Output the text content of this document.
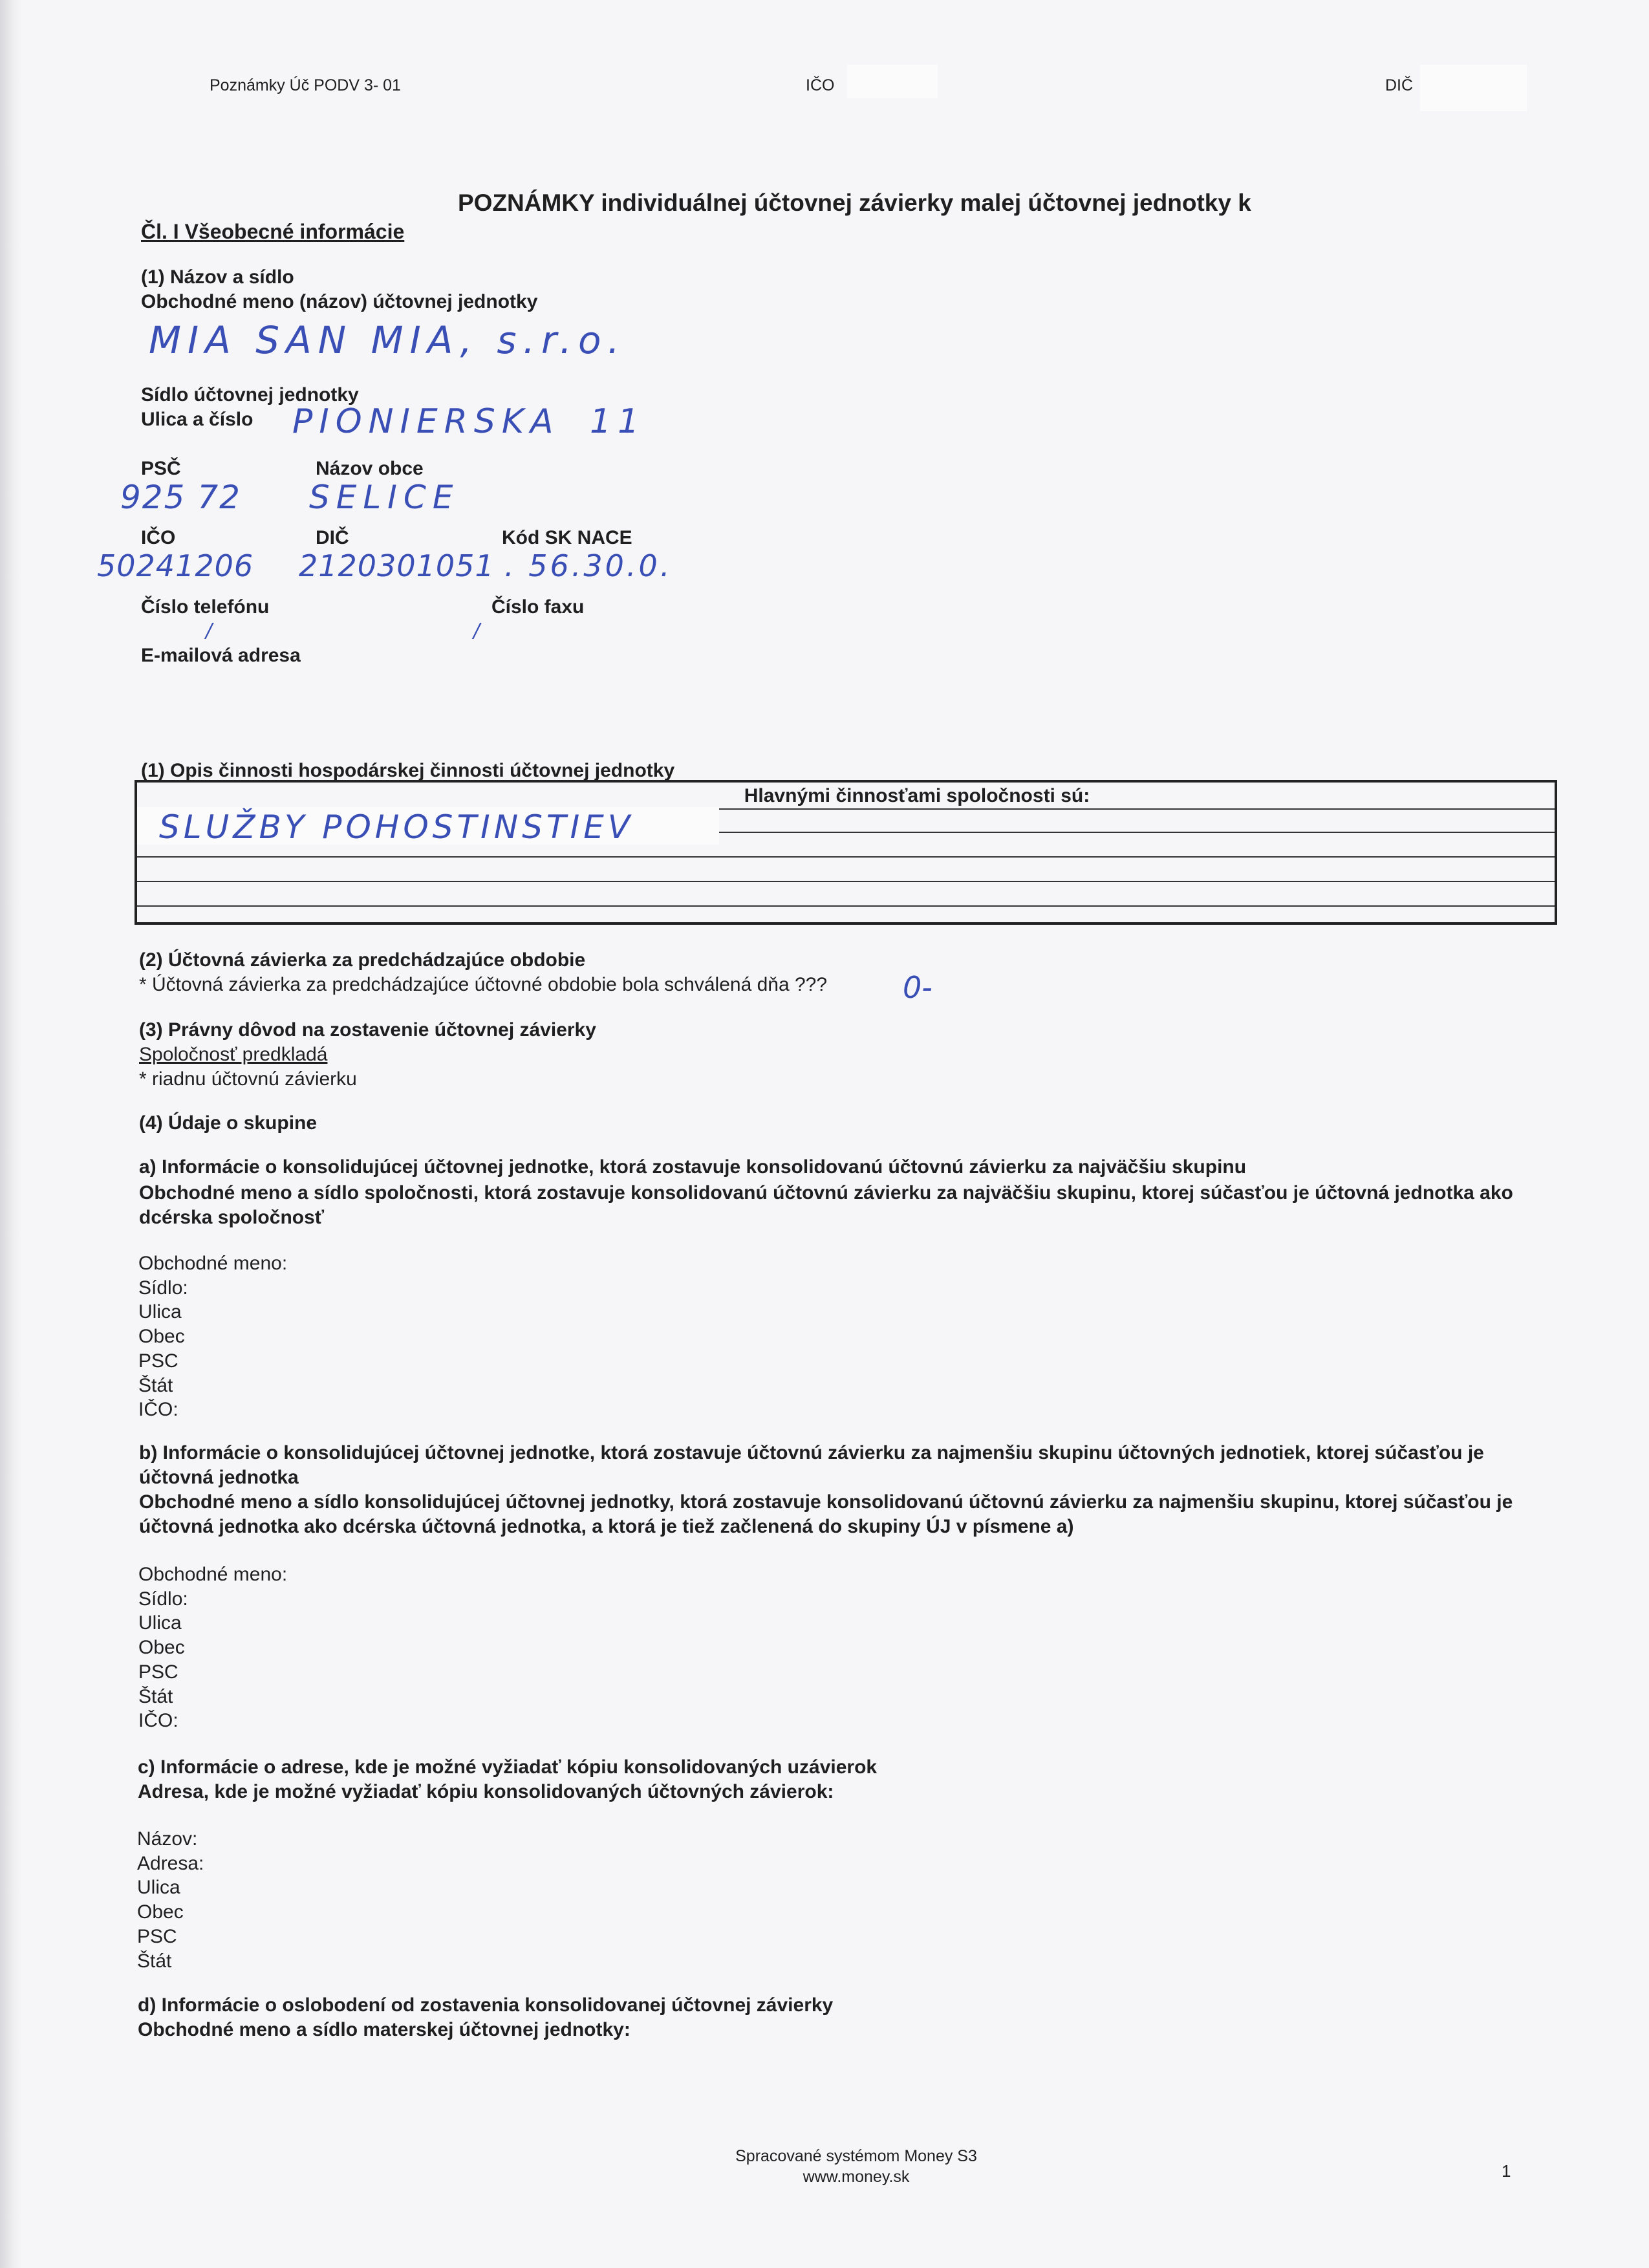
Poznámky Úč PODV 3- 01	IČO	DIČ
POZNÁMKY individuálnej účtovnej závierky malej účtovnej jednotky k
Čl. I Všeobecné informácie
(1) Názov a sídlo
Obchodné meno (názov) účtovnej jednotky
MIA SAN MIA, s.r.o.
Sídlo účtovnej jednotky
Ulica a číslo PIONIERSKA 11
PSČ	Názov obce
925 72 SELICE
IČO	DIČ	Kód SK NACE
50241206 2120301051 . 56.30.0.
Číslo telefónu	Číslo faxu
/	/
E-mailová adresa
(1) Opis činnosti hospodárskej činnosti účtovnej jednotky
Hlavnými činnosťami spoločnosti sú:
SLUŽBY POHOSTINSTIEV
(2) Účtovná závierka za predchádzajúce obdobie
* Účtovná závierka za predchádzajúce účtovné obdobie bola schválená dňa ???	0-
(3) Právny dôvod na zostavenie účtovnej závierky
Spoločnosť predkladá
* riadnu účtovnú závierku
(4) Údaje o skupine
a) Informácie o konsolidujúcej účtovnej jednotke, ktorá zostavuje konsolidovanú účtovnú závierku za najväčšiu skupinu
Obchodné meno a sídlo spoločnosti, ktorá zostavuje konsolidovanú účtovnú závierku za najväčšiu skupinu, ktorej súčasťou je účtovná jednotka ako dcérska spoločnosť
Obchodné meno:
Sídlo:
Ulica
Obec
PSC
Štát
IČO:
b) Informácie o konsolidujúcej účtovnej jednotke, ktorá zostavuje účtovnú závierku za najmenšiu skupinu účtovných jednotiek, ktorej súčasťou je účtovná jednotka
Obchodné meno a sídlo konsolidujúcej účtovnej jednotky, ktorá zostavuje konsolidovanú účtovnú závierku za najmenšiu skupinu, ktorej súčasťou je účtovná jednotka ako dcérska účtovná jednotka, a ktorá je tiež začlenená do skupiny ÚJ v písmene a)
Obchodné meno:
Sídlo:
Ulica
Obec
PSC
Štát
IČO:
c) Informácie o adrese, kde je možné vyžiadať kópiu konsolidovaných uzávierok
Adresa, kde je možné vyžiadať kópiu konsolidovaných účtovných závierok:
Názov:
Adresa:
Ulica
Obec
PSC
Štát
d) Informácie o oslobodení od zostavenia konsolidovanej účtovnej závierky
Obchodné meno a sídlo materskej účtovnej jednotky:
Spracované systémom Money S3
www.money.sk	1
